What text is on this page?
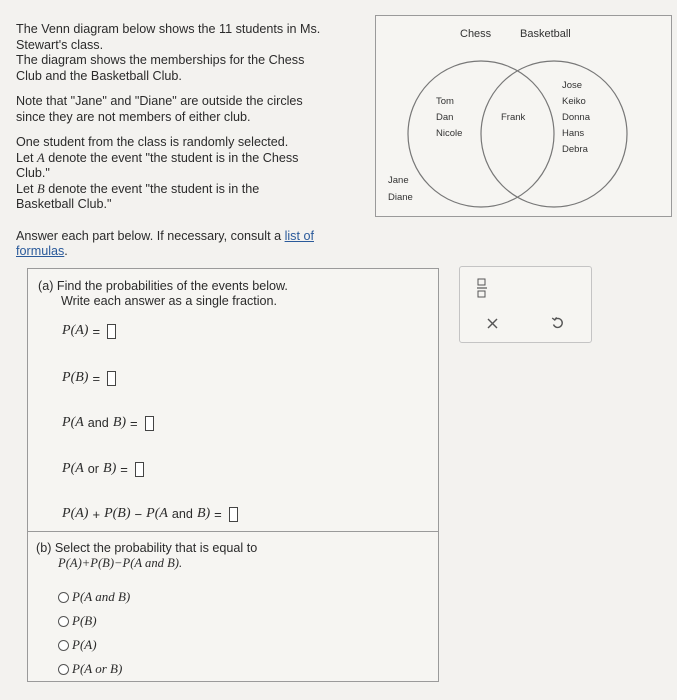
The Venn diagram below shows the 11 students in Ms.
Stewart's class.
The diagram shows the memberships for the Chess
Club and the Basketball Club.

Note that "Jane" and "Diane" are outside the circles
since they are not members of either club.

One student from the class is randomly selected.
Let A denote the event "the student is in the Chess
Club."
Let B denote the event "the student is in the
Basketball Club."

Answer each part below. If necessary, consult a list of
formulas.

Chess	Basketball
Tom
Dan
Nicole
Frank
Jose
Keiko
Donna
Hans
Debra
Jane
Diane
(a) Find the probabilities of the events below.
Write each answer as a single fraction.
P ( A ) =
P ( B ) =
P ( A and B ) =
P ( A or B ) =
P ( A ) + P ( B ) − P ( A and B ) =
(b) Select the probability that is equal to
P(A)+P(B)−P(A and B).
P(A and B)
P(B)
P(A)
P(A or B)
